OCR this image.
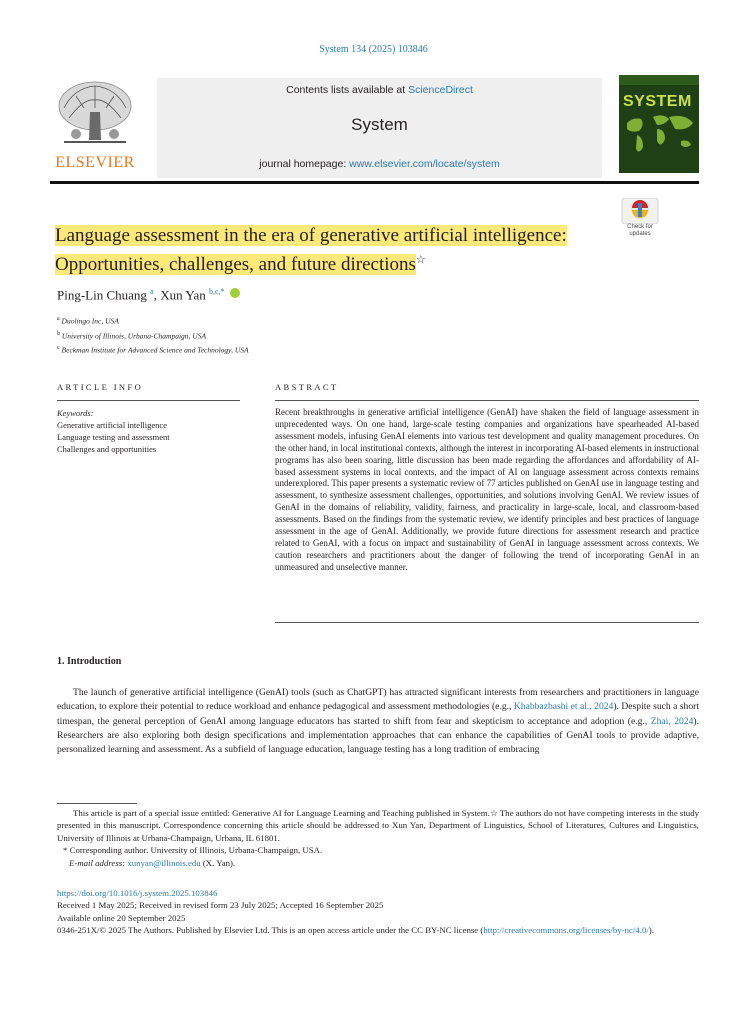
System 134 (2025) 103846
ELSEVIER
Contents lists available at ScienceDirect
System
journal homepage: www.elsevier.com/locate/system
SYSTEM
Check for updates
Language assessment in the era of generative artificial intelligence: Opportunities, challenges, and future directions☆
Ping-Lin Chuang $^a$, Xun Yan $^{b,c,*}$
$^a$ Duolingo Inc, USA
$^b$ University of Illinois, Urbana-Champaign, USA
$^c$ Beckman Institute for Advanced Science and Technology, USA
ARTICLE INFO	ABSTRACT
Keywords:
Generative artificial intelligence
Language testing and assessment
Challenges and opportunities
Recent breakthroughs in generative artificial intelligence (GenAI) have shaken the field of language assessment in unprecedented ways. On one hand, large-scale testing companies and organizations have spearheaded AI-based assessment models, infusing GenAI elements into various test development and quality management procedures. On the other hand, in local institutional contexts, although the interest in incorporating AI-based elements in instructional programs has also been soaring, little discussion has been made regarding the affordances and affordability of AI-based assessment systems in local contexts, and the impact of AI on language assessment across contexts remains underexplored. This paper presents a systematic review of 77 articles published on GenAI use in language testing and assessment, to synthesize assessment challenges, opportunities, and solutions involving GenAI. We review issues of GenAI in the domains of reliability, validity, fairness, and practicality in large-scale, local, and classroom-based assessments. Based on the findings from the systematic review, we identify principles and best practices of language assessment in the age of GenAI. Additionally, we provide future directions for assessment research and practice related to GenAI, with a focus on impact and sustainability of GenAI in language assessment across contexts. We caution researchers and practitioners about the danger of following the trend of incorporating GenAI in an unmeasured and unselective manner.
1. Introduction
The launch of generative artificial intelligence (GenAI) tools (such as ChatGPT) has attracted significant interests from researchers and practitioners in language education, to explore their potential to reduce workload and enhance pedagogical and assessment methodologies (e.g., Khabbazbashi et al., 2024). Despite such a short timespan, the general perception of GenAI among language educators has started to shift from fear and skepticism to acceptance and adoption (e.g., Zhai, 2024). Researchers are also exploring both design specifications and implementation approaches that can enhance the capabilities of GenAI tools to provide adaptive, personalized learning and assessment. As a subfield of language education, language testing has a long tradition of embracing

This article is part of a special issue entitled: Generative AI for Language Learning and Teaching published in System.☆ The authors do not have competing interests in the study presented in this manuscript. Correspondence concerning this article should be addressed to Xun Yan, Department of Linguistics, School of Literatures, Cultures and Linguistics, University of Illinois at Urbana-Champaign, Urbana, IL 61801.

* Corresponding author. University of Illinois, Urbana-Champaign, USA.

E-mail address: xunyan@illinois.edu (X. Yan).

https://doi.org/10.1016/j.system.2025.103846

Received 1 May 2025; Received in revised form 23 July 2025; Accepted 16 September 2025

Available online 20 September 2025

0346-251X/© 2025 The Authors. Published by Elsevier Ltd. This is an open access article under the CC BY-NC license (http://creativecommons.org/licenses/by-nc/4.0/).
